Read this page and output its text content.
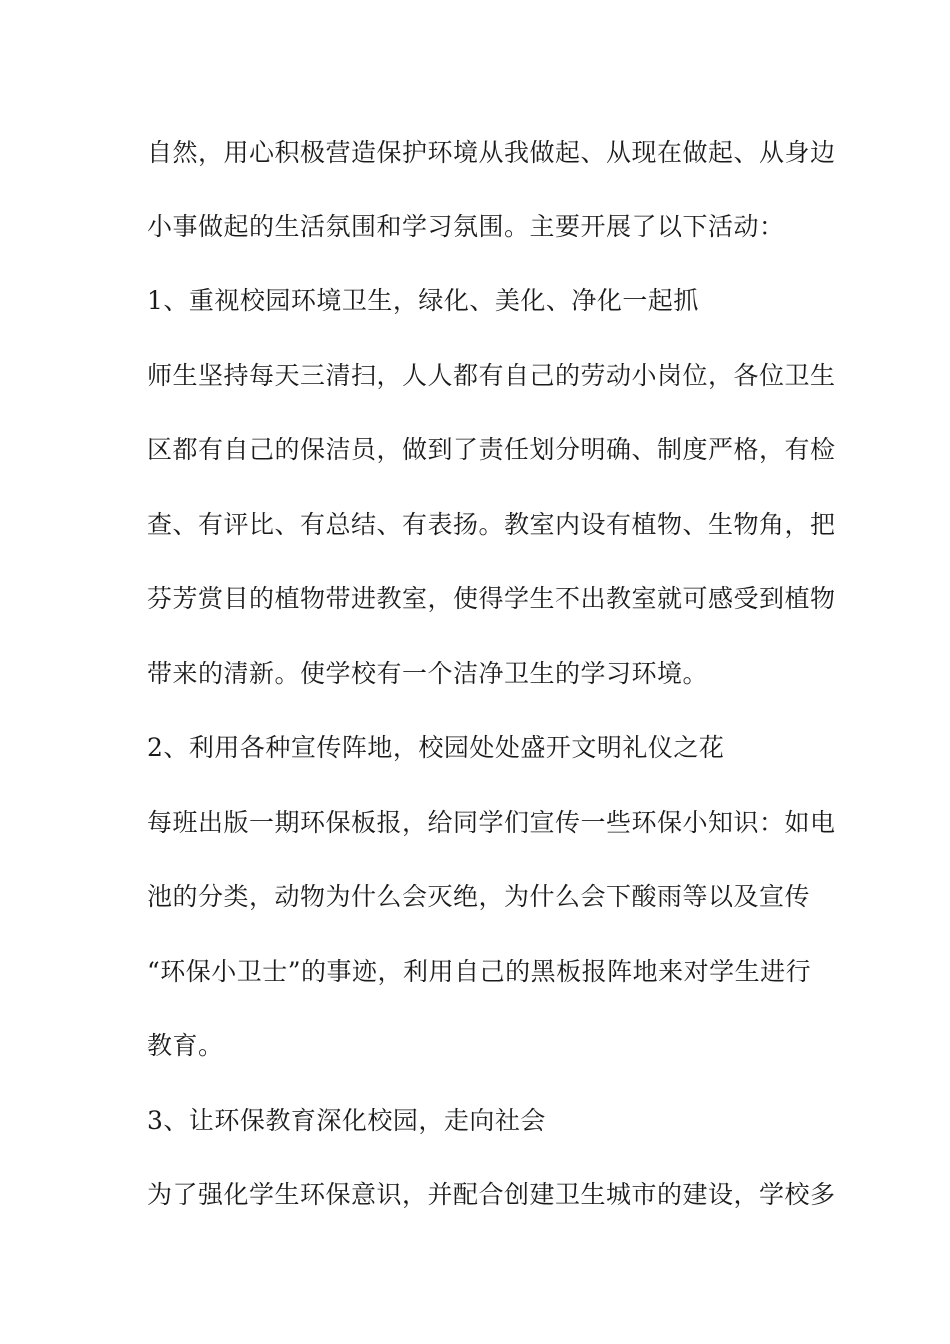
自然，用心积极营造保护环境从我做起、从现在做起、从身边
小事做起的生活氛围和学习氛围。主要开展了以下活动：
1、重视校园环境卫生，绿化、美化、净化一起抓
师生坚持每天三清扫，人人都有自己的劳动小岗位，各位卫生
区都有自己的保洁员，做到了责任划分明确、制度严格，有检
查、有评比、有总结、有表扬。教室内设有植物、生物角，把
芬芳赏目的植物带进教室，使得学生不出教室就可感受到植物
带来的清新。使学校有一个洁净卫生的学习环境。
2、利用各种宣传阵地，校园处处盛开文明礼仪之花
每班出版一期环保板报，给同学们宣传一些环保小知识：如电
池的分类，动物为什么会灭绝，为什么会下酸雨等以及宣传
“环保小卫士”的事迹，利用自己的黑板报阵地来对学生进行
教育。
3、让环保教育深化校园，走向社会
为了强化学生环保意识，并配合创建卫生城市的建设，学校多
